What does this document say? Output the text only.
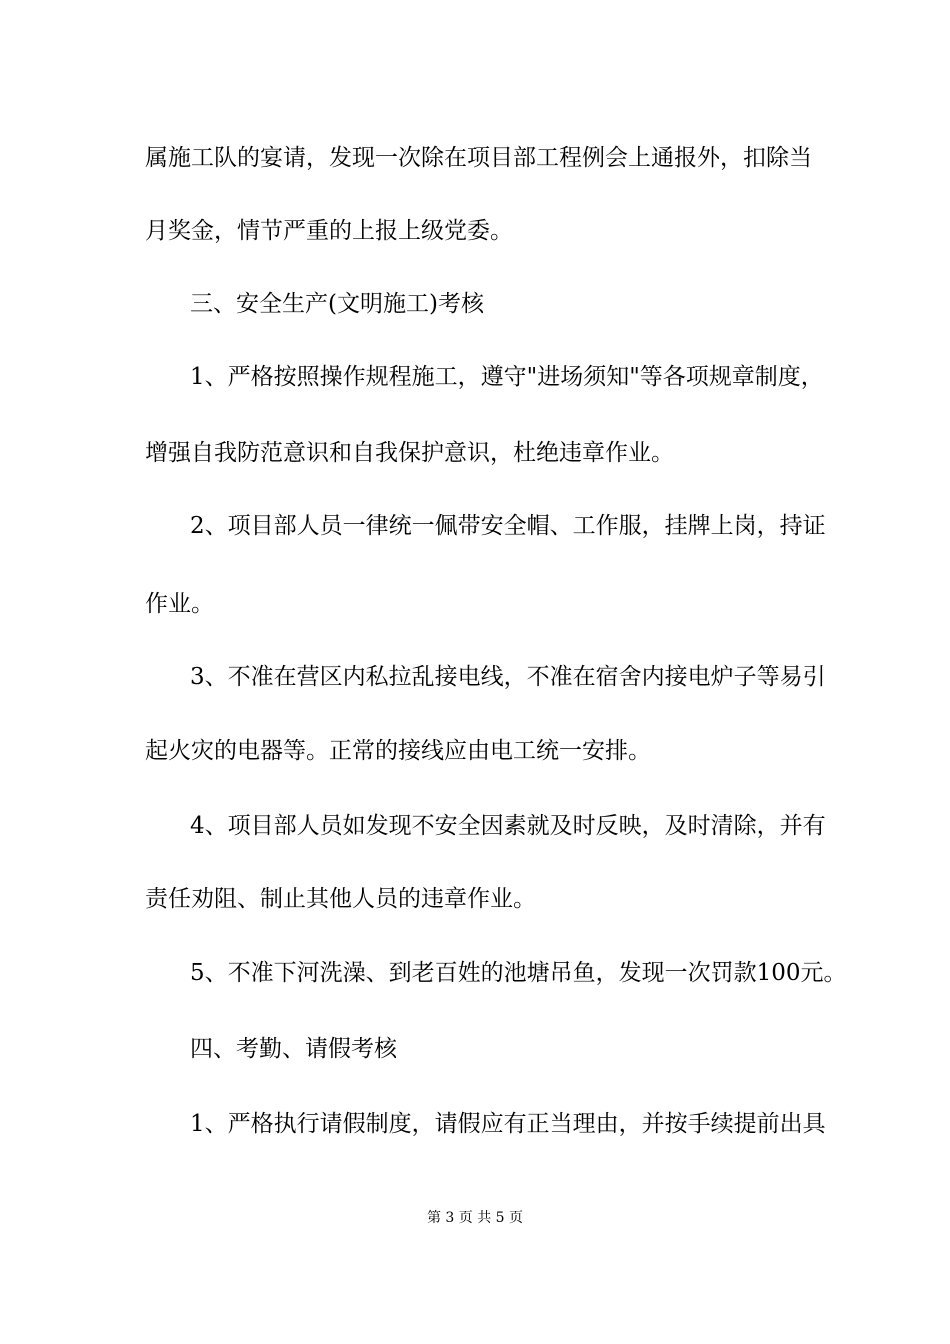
属施工队的宴请，发现一次除在项目部工程例会上通报外，扣除当
月奖金，情节严重的上报上级党委。
三、安全生产(文明施工)考核
1、严格按照操作规程施工，遵守"进场须知"等各项规章制度，
增强自我防范意识和自我保护意识，杜绝违章作业。
2、项目部人员一律统一佩带安全帽、工作服，挂牌上岗，持证
作业。
3、不准在营区内私拉乱接电线，不准在宿舍内接电炉子等易引
起火灾的电器等。正常的接线应由电工统一安排。
4、项目部人员如发现不安全因素就及时反映，及时清除，并有
责任劝阻、制止其他人员的违章作业。
5、不准下河洗澡、到老百姓的池塘吊鱼，发现一次罚款100元。
四、考勤、请假考核
1、严格执行请假制度，请假应有正当理由，并按手续提前出具
第 3 页 共 5 页
